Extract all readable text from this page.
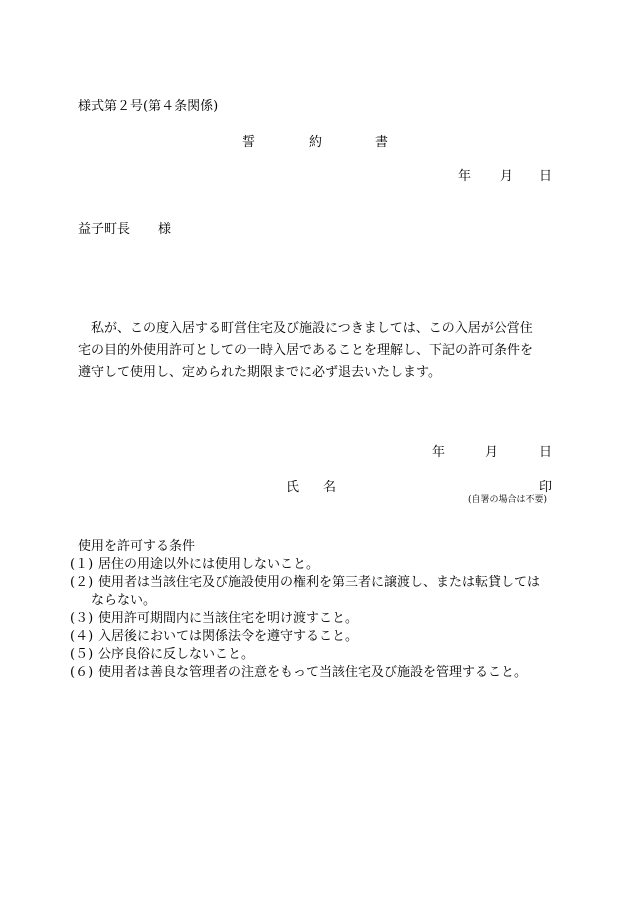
様式第２号(第４条関係)
誓	約	書
年 月 日
益子町長 様
私が、この度入居する町営住宅及び施設につきましては、この入居が公営住
宅の目的外使用許可としての一時入居であることを理解し、下記の許可条件を
遵守して使用し、定められた期限までに必ず退去いたします。
年	月	日
氏 名	印
(自署の場合は不要)
使用を許可する条件
(１) 居住の用途以外には使用しないこと。
(２) 使用者は当該住宅及び施設使用の権利を第三者に譲渡し、または転貸しては
ならない。
(３) 使用許可期間内に当該住宅を明け渡すこと。
(４) 入居後においては関係法令を遵守すること。
(５) 公序良俗に反しないこと。
(６) 使用者は善良な管理者の注意をもって当該住宅及び施設を管理すること。
